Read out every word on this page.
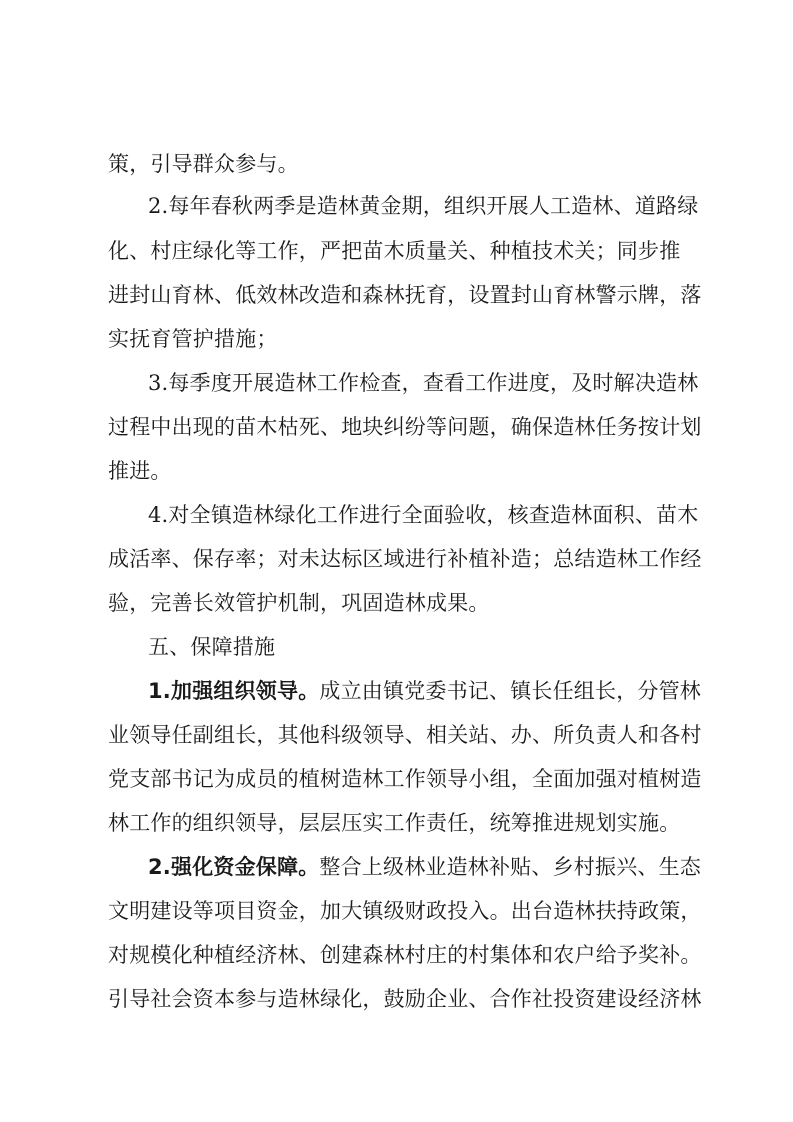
策，引导群众参与。
2.每年春秋两季是造林黄金期，组织开展人工造林、道路绿
化、村庄绿化等工作，严把苗木质量关、种植技术关；同步推
进封山育林、低效林改造和森林抚育，设置封山育林警示牌，落
实抚育管护措施；
3.每季度开展造林工作检查，查看工作进度，及时解决造林
过程中出现的苗木枯死、地块纠纷等问题，确保造林任务按计划
推进。
4.对全镇造林绿化工作进行全面验收，核查造林面积、苗木
成活率、保存率；对未达标区域进行补植补造；总结造林工作经
验，完善长效管护机制，巩固造林成果。
五、保障措施
1.加强组织领导。成立由镇党委书记、镇长任组长，分管林
业领导任副组长，其他科级领导、相关站、办、所负责人和各村
党支部书记为成员的植树造林工作领导小组，全面加强对植树造
林工作的组织领导，层层压实工作责任，统筹推进规划实施。
2.强化资金保障。整合上级林业造林补贴、乡村振兴、生态
文明建设等项目资金，加大镇级财政投入。出台造林扶持政策，
对规模化种植经济林、创建森林村庄的村集体和农户给予奖补。
引导社会资本参与造林绿化，鼓励企业、合作社投资建设经济林
